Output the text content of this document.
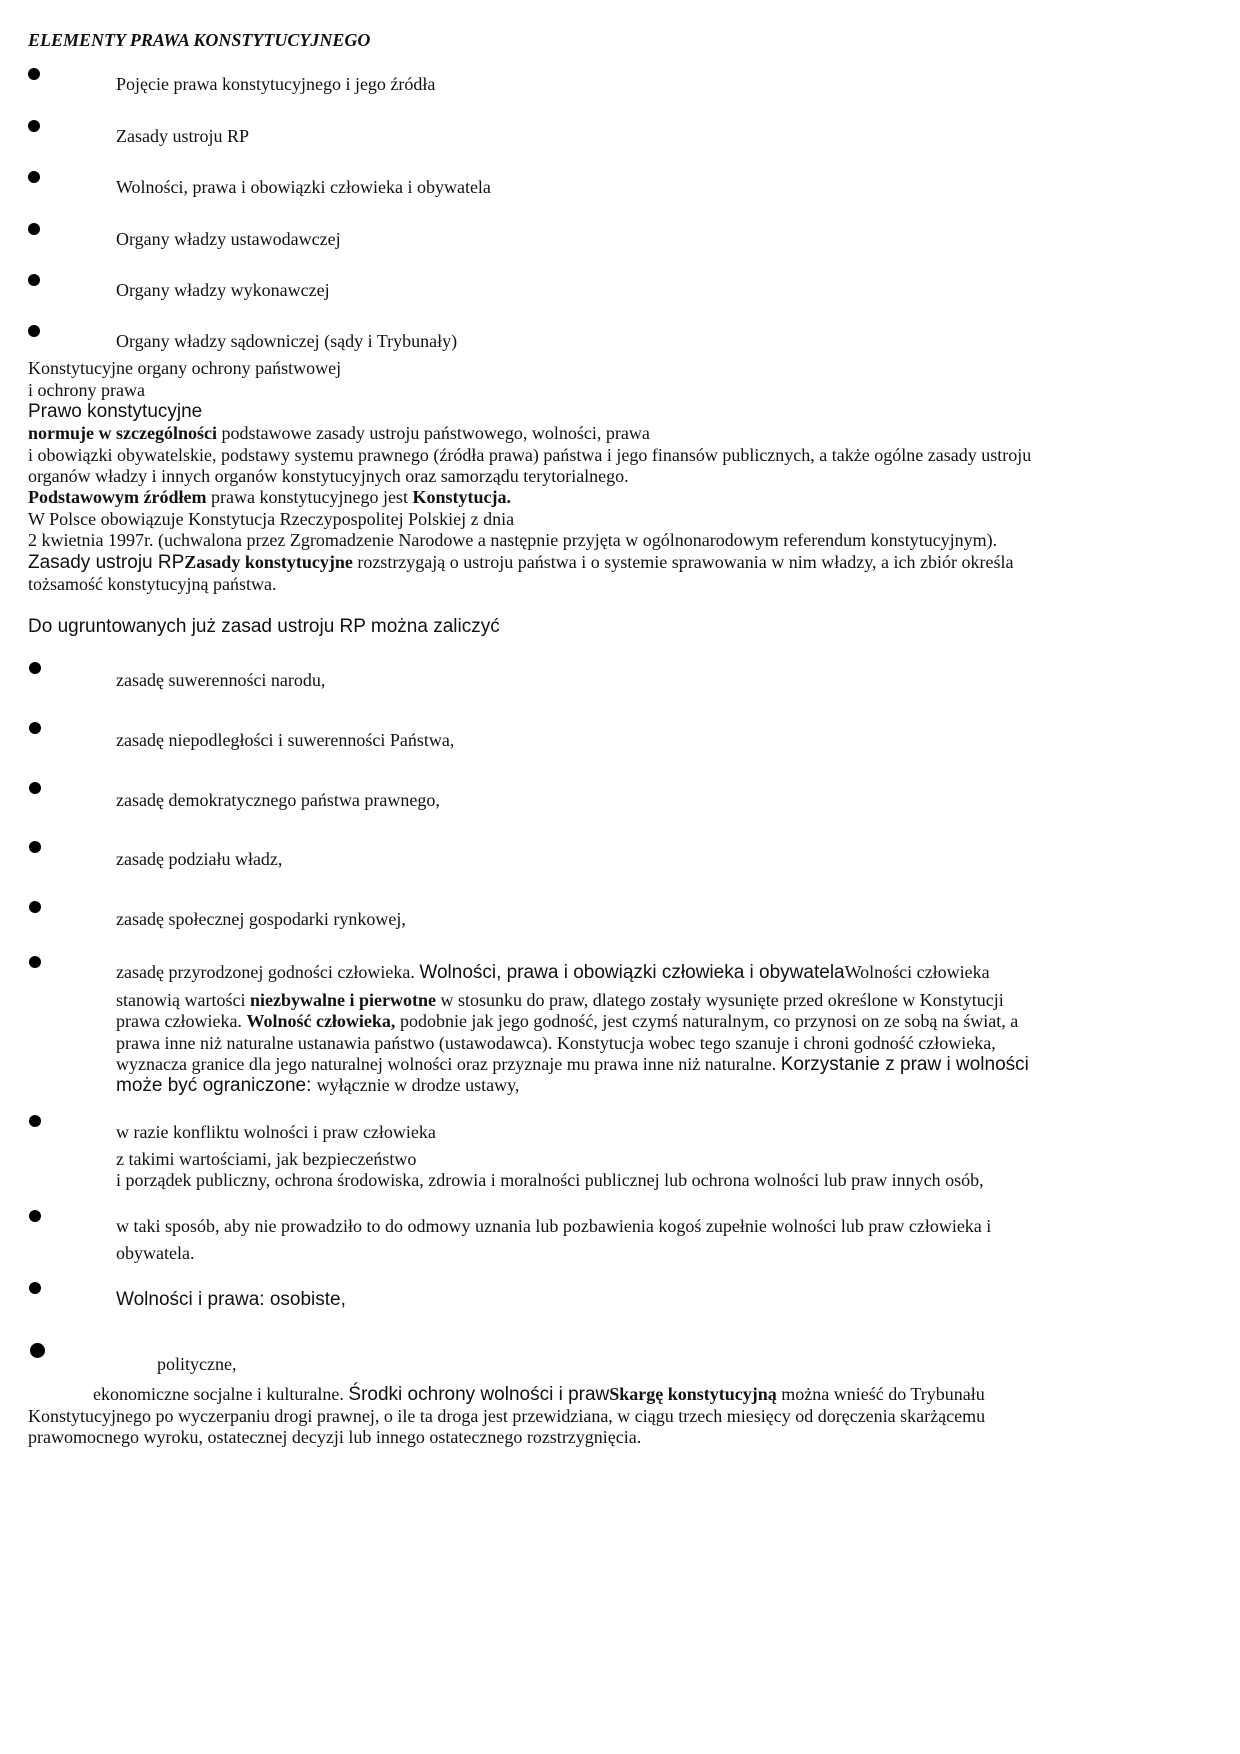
ELEMENTY PRAWA KONSTYTUCYJNEGO
Pojęcie prawa konstytucyjnego i jego źródła
Zasady ustroju RP
Wolności, prawa i obowiązki człowieka i obywatela
Organy władzy ustawodawczej
Organy władzy wykonawczej
Organy władzy sądowniczej (sądy i Trybunały)
Konstytucyjne organy ochrony państwowej
i ochrony prawa
Prawo konstytucyjne
normuje w szczególności podstawowe zasady ustroju państwowego, wolności, prawa
i obowiązki obywatelskie, podstawy systemu prawnego (źródła prawa) państwa i jego finansów publicznych, a także ogólne zasady ustroju
organów władzy i innych organów konstytucyjnych oraz samorządu terytorialnego.
Podstawowym źródłem prawa konstytucyjnego jest Konstytucja.
W Polsce obowiązuje Konstytucja Rzeczypospolitej Polskiej z dnia
2 kwietnia 1997r. (uchwalona przez Zgromadzenie Narodowe a następnie przyjęta w ogólnonarodowym referendum konstytucyjnym).
Zasady ustroju RPZasady konstytucyjne rozstrzygają o ustroju państwa i o systemie sprawowania w nim władzy, a ich zbiór określa
tożsamość konstytucyjną państwa.
Do ugruntowanych już zasad ustroju RP można zaliczyć
zasadę suwerenności narodu,
zasadę niepodległości i suwerenności Państwa,
zasadę demokratycznego państwa prawnego,
zasadę podziału władz,
zasadę społecznej gospodarki rynkowej,
zasadę przyrodzonej godności człowieka. Wolności, prawa i obowiązki człowieka i obywatelaWolności człowieka
stanowią wartości niezbywalne i pierwotne w stosunku do praw, dlatego zostały wysunięte przed określone w Konstytucji
prawa człowieka. Wolność człowieka, podobnie jak jego godność, jest czymś naturalnym, co przynosi on ze sobą na świat, a
prawa inne niż naturalne ustanawia państwo (ustawodawca). Konstytucja wobec tego szanuje i chroni godność człowieka,
wyznacza granice dla jego naturalnej wolności oraz przyznaje mu prawa inne niż naturalne. Korzystanie z praw i wolności
może być ograniczone: wyłącznie w drodze ustawy,
w razie konfliktu wolności i praw człowieka
z takimi wartościami, jak bezpieczeństwo
i porządek publiczny, ochrona środowiska, zdrowia i moralności publicznej lub ochrona wolności lub praw innych osób,
w taki sposób, aby nie prowadziło to do odmowy uznania lub pozbawienia kogoś zupełnie wolności lub praw człowieka i
obywatela.
Wolności i prawa: osobiste,
polityczne,
ekonomiczne socjalne i kulturalne. Środki ochrony wolności i prawSkargę konstytucyjną można wnieść do Trybunału
Konstytucyjnego po wyczerpaniu drogi prawnej, o ile ta droga jest przewidziana, w ciągu trzech miesięcy od doręczenia skarżącemu
prawomocnego wyroku, ostatecznej decyzji lub innego ostatecznego rozstrzygnięcia.
